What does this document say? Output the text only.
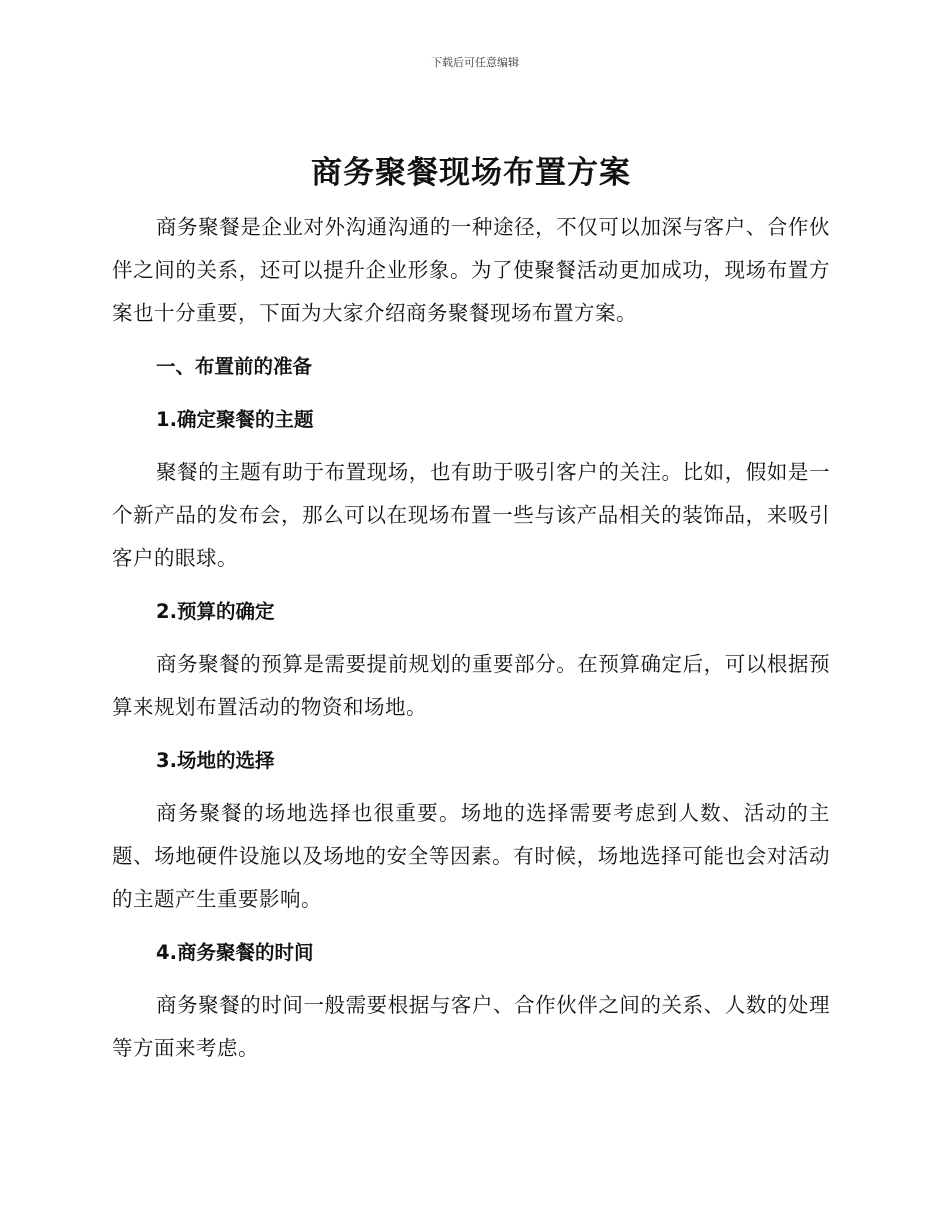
下载后可任意编辑
商务聚餐现场布置方案

商务聚餐是企业对外沟通沟通的一种途径，不仅可以加深与客户、合作伙伴之间的关系，还可以提升企业形象。为了使聚餐活动更加成功，现场布置方案也十分重要，下面为大家介绍商务聚餐现场布置方案。

一、布置前的准备
1.确定聚餐的主题

聚餐的主题有助于布置现场，也有助于吸引客户的关注。比如，假如是一个新产品的发布会，那么可以在现场布置一些与该产品相关的装饰品，来吸引客户的眼球。

2.预算的确定

商务聚餐的预算是需要提前规划的重要部分。在预算确定后，可以根据预算来规划布置活动的物资和场地。

3.场地的选择

商务聚餐的场地选择也很重要。场地的选择需要考虑到人数、活动的主题、场地硬件设施以及场地的安全等因素。有时候，场地选择可能也会对活动的主题产生重要影响。

4.商务聚餐的时间

商务聚餐的时间一般需要根据与客户、合作伙伴之间的关系、人数的处理等方面来考虑。
